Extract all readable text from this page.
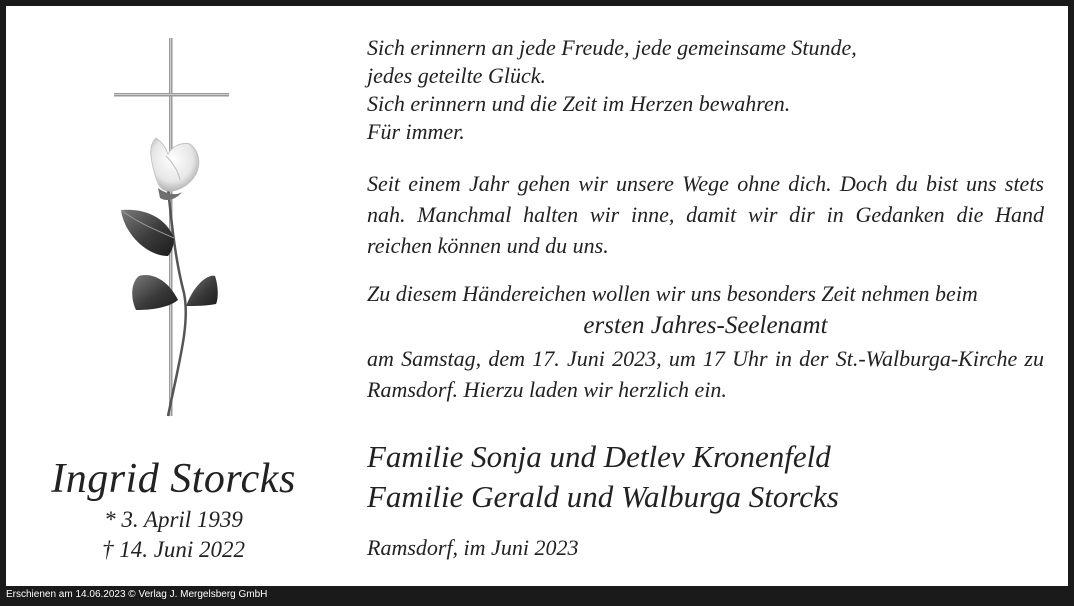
Ingrid Storcks
* 3. April 1939
† 14. Juni 2022
Sich erinnern an jede Freude, jede gemeinsame Stunde,
jedes geteilte Glück.
Sich erinnern und die Zeit im Herzen bewahren.
Für immer.
Seit einem Jahr gehen wir unsere Wege ohne dich. Doch du bist uns stets nah. Manchmal halten wir inne, damit wir dir in Gedanken die Hand reichen können und du uns.
Zu diesem Händereichen wollen wir uns besonders Zeit nehmen beim
ersten Jahres-Seelenamt
am Samstag, dem 17. Juni 2023, um 17 Uhr in der St.-Walburga-Kirche zu Ramsdorf. Hierzu laden wir herzlich ein.
Familie Sonja und Detlev Kronenfeld
Familie Gerald und Walburga Storcks
Ramsdorf, im Juni 2023
Erschienen am 14.06.2023 © Verlag J. Mergelsberg GmbH
